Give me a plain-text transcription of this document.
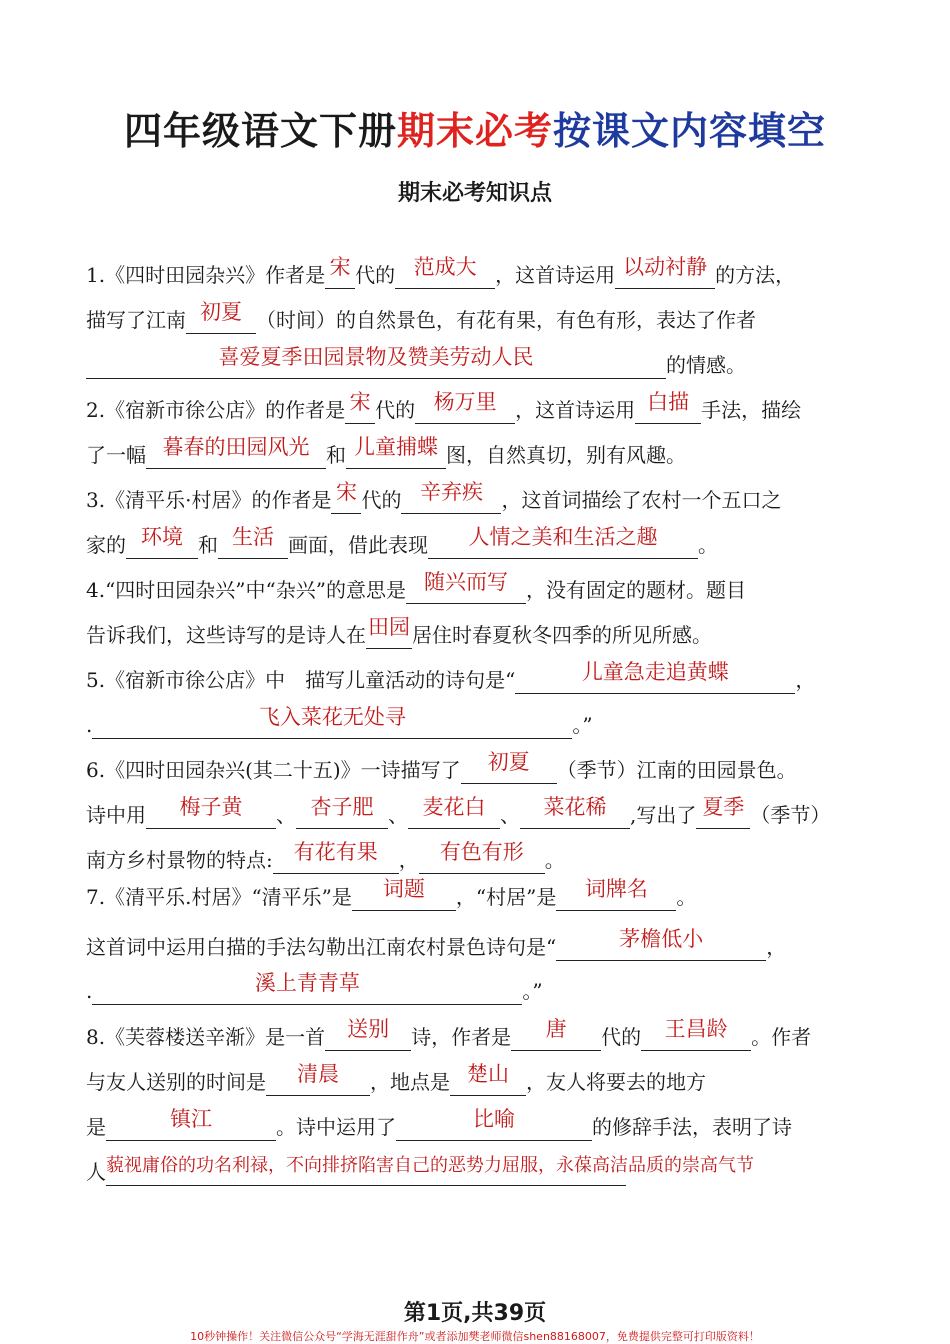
四年级语文下册期末必考按课文内容填空
期末必考知识点
1.《四时田园杂兴》作者是 宋 代的 范成大 ，这首诗运用 以动衬静 的方法，
描写了江南 初夏 （时间）的自然景色，有花有果，有色有形，表达了作者
喜爱夏季田园景物及赞美劳动人民	的情感。
2.《宿新市徐公店》的作者是 宋 代的 杨万里 ，这首诗运用 白描 手法，描绘
了一幅 暮春的田园风光 和 儿童捕蝶 图，自然真切，别有风趣。
3.《清平乐·村居》的作者是 宋 代的 辛弃疾 ，这首词描绘了农村一个五口之
家的 环境 和 生活 画面，借此表现 人情之美和生活之趣 。
4.“四时田园杂兴”中“杂兴”的意思是 随兴而写 ，没有固定的题材。题目
告诉我们，这些诗写的是诗人在田园 居住时春夏秋冬四季的所见所感。
5.《宿新市徐公店》中　描写儿童活动的诗句是“	儿童急走追黄蝶	，
.	飞入菜花无处寻	。”
6.《四时田园杂兴(其二十五)》一诗描写了 初夏 （季节）江南的田园景色。
诗中用 梅子黄 、 杏子肥 、 麦花白 、 菜花稀 ,写出了 夏季 （季节）
南方乡村景物的特点: 有花有果 ， 有色有形 。
7.《清平乐.村居》“清平乐”是 词题 ，“村居”是 词牌名 。
这首词中运用白描的手法勾勒出江南农村景色诗句是“	茅檐低小	，
.	溪上青青草	。”
8.《芙蓉楼送辛渐》是一首 送别 诗，作者是 唐 代的 王昌龄 。作者
与友人送别的时间是 清晨 ，地点是 楚山 ，友人将要去的地方
是	镇江	。诗中运用了	比喻	的修辞手法，表明了诗
人藐视庸俗的功名利禄，不向排挤陷害自己的恶势力屈服，永葆高洁品质的崇高气节
第1页,共39页
10秒钟操作！关注微信公众号“学海无涯甜作舟”或者添加樊老师微信shen88168007，免费提供完整可打印版资料！
